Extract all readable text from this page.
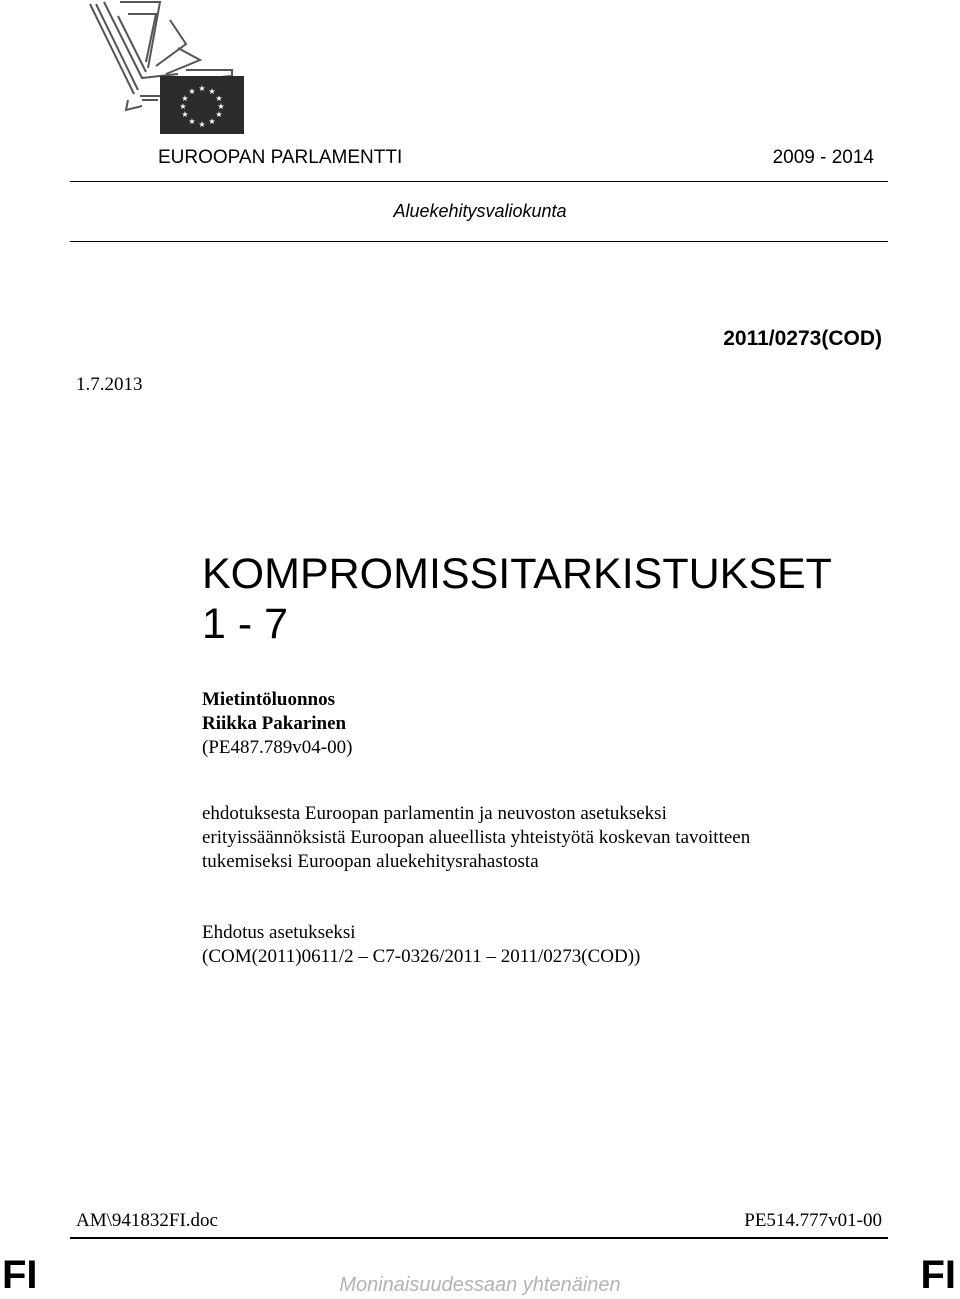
★ ★
★
★
★
★
★
★
★
★
★
★
EUROOPAN PARLAMENTTI	2009 - 2014
Aluekehitysvaliokunta
2011/0273(COD)
1.7.2013
KOMPROMISSITARKISTUKSET
1 - 7
Mietintöluonnos
Riikka Pakarinen
(PE487.789v04-00)
ehdotuksesta Euroopan parlamentin ja neuvoston asetukseksi
erityissäännöksistä Euroopan alueellista yhteistyötä koskevan tavoitteen
tukemiseksi Euroopan aluekehitysrahastosta
Ehdotus asetukseksi
(COM(2011)0611/2 – C7-0326/2011 – 2011/0273(COD))
AM\941832FI.doc	PE514.777v01-00
FI	FI
Moninaisuudessaan yhtenäinen
